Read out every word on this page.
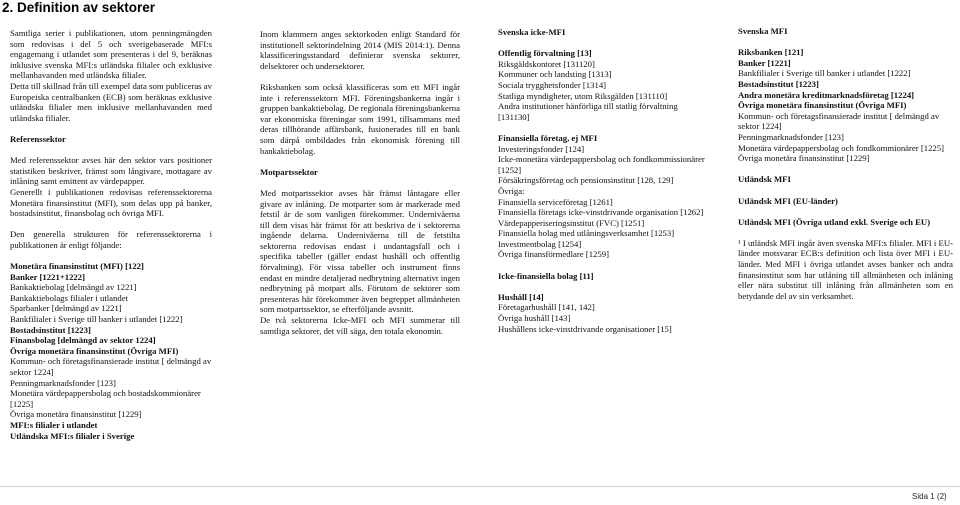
2. Definition av sektorer

Samtliga serier i publikationen, utom penningmängden som redovisas i del 5 och sverigebaserade MFI:s engagemang i utlandet som presenteras i del 9, beräknas inklusive svenska MFI:s utländska filialer och exklusive mellanhavanden med utländska filialer.

Detta till skillnad från till exempel data som publiceras av Europeiska centralbanken (ECB) som beräknas exklusive utländska filialer men inklusive mellanhavanden med utländska filialer.

Referenssektor

Med referenssektor avses här den sektor vars positioner statistiken beskriver, främst som långivare, mottagare av inlåning samt emittent av värdepapper.

Generellt i publikationen redovisas referenssektorerna Monetära finansinstitut (MFI), som delas upp på banker, bostadsinstitut, finansbolag och övriga MFI.

Den generella strukturen för referenssektorerna i publikationen är enligt följande:

Monetära finansinstitut (MFI) [122]

Banker [1221+1222]

Bankaktiebolag [delmängd av 1221]

Bankaktiebolags filialer i utlandet

Sparbanker [delmängd av 1221]

Bankfilialer i Sverige till banker i utlandet [1222]

Bostadsinstitut [1223]

Finansbolag [delmängd av sektor 1224]

Övriga monetära finansinstitut (Övriga MFI)

Kommun- och företagsfinansierade institut [ delmängd av sektor 1224]

Penningmarknadsfonder [123]

Monetära värdepappersbolag och bostadskommionärer [1225]

Övriga monetära finansinstitut [1229]

MFI:s filialer i utlandet

Utländska MFI:s filialer i Sverige

Inom klammern anges sektorkoden enligt Standard för institutionell sektorindelning 2014 (MIS 2014:1). Denna klassificeringsstandard definierar svenska sektorer, delsektorer och undersektorer.

Riksbanken som också klassificeras som ett MFI ingår inte i referenssektorn MFI. Föreningsbankerna ingår i gruppen bankaktiebolag. De regionala föreningsbankerna var ekonomiska föreningar som 1991, tillsammans med deras tillhörande affärsbank, fusionerades till en bank som därpå ombildades från ekonomisk förening till bankaktiebolag.

Motpartssektor

Med motpartssektor avses här främst låntagare eller givare av inlåning. De motparter som är markerade med fetstil är de som vanligen förekommer. Undernivåerna till dem visas här främst för att beskriva de i sektorerna ingående delarna. Undernivåerna till de fetstilta sektorerna redovisas endast i undantagsfall och i specifika tabeller (gäller endast hushåll och offentlig förvaltning). För vissa tabeller och instrument finns endast en mindre detaljerad nedbrytning alternativt ingen nedbrytning på motpart alls. Förutom de sektorer som presenteras här förekommer även begreppet allmänheten som motpartssektor, se efterföljande avsnitt.

De två sektorerna Icke-MFI och MFI summerar till samtliga sektorer, det vill säga, den totala ekonomin.

Svenska icke-MFI

Offentlig förvaltning [13]

Riksgäldskontoret [131120]

Kommuner och landsting [1313]

Sociala trygghetsfonder [1314]

Statliga myndigheter, utom Riksgälden [131110]

Andra institutioner hänförliga till statlig förvaltning [131130]

Finansiella företag, ej MFI

Investeringsfonder [124]

Icke-monetära värdepappersbolag och fondkommissionärer [1252]

Försäkringsföretag och pensionsinstitut [128, 129]

Övriga:

Finansiella serviceföretag [1261]

Finansiella företags icke-vinstdrivande organisation [1262]

Värdepapperiseringsinstitut (FVC) [1251]

Finansiella bolag med utlåningsverksamhet [1253]

Investmentbolag [1254]

Övriga finansförmedlare [1259]

Icke-finansiella bolag [11]

Hushåll [14]

Företagarhushåll [141, 142]

Övriga hushåll [143]

Hushållens icke-vinstdrivande organisationer [15]

Svenska MFI

Riksbanken [121]

Banker [1221]

Bankfilialer i Sverige till banker i utlandet [1222]

Bostadsinstitut [1223]

Andra monetära kreditmarknadsföretag [1224]

Övriga monetära finansinstitut (Övriga MFI)

Kommun- och företagsfinansierade institut [ delmängd av sektor 1224]

Penningmarknadsfonder [123]

Monetära värdepappersbolag och fondkommionärer [1225]

Övriga monetära finansinstitut [1229]

Utländsk MFI

Utländsk MFI (EU-länder)

Utländsk MFI (Övriga utland exkl. Sverige och EU)

¹ I utländsk MFI ingår även svenska MFI:s filialer. MFI i EU-länder motsvarar ECB:s definition och lista över MFI i EU-länder. Med MFI i övriga utlandet avses banker och andra finansinstitut som har utlåning till allmänheten och inlåning eller nära substitut till inlåning från allmänheten som en betydande del av sin verksamhet.

Sida 1 (2)
